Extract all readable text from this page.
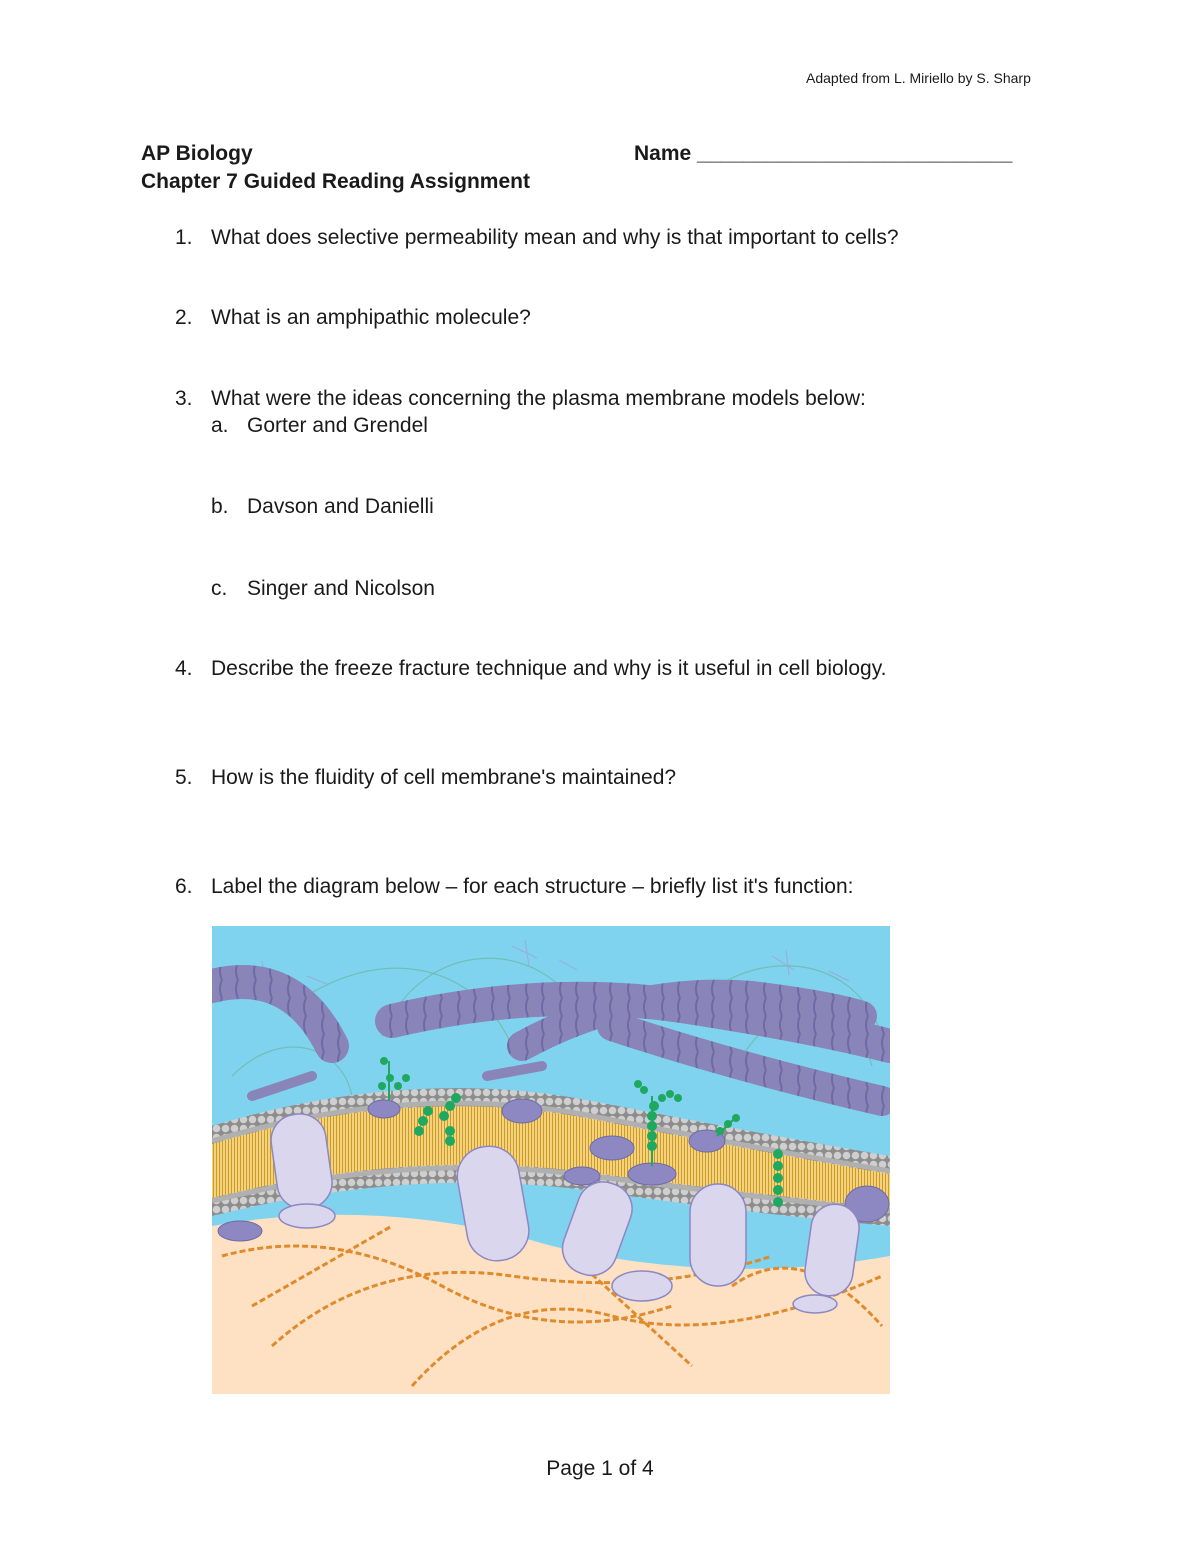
Adapted from L. Miriello by S. Sharp
AP Biology	Name ___________________________
Chapter 7 Guided Reading Assignment
1. What does selective permeability mean and why is that important to cells?
2. What is an amphipathic molecule?
3. What were the ideas concerning the plasma membrane models below:
a. Gorter and Grendel
b. Davson and Danielli
c. Singer and Nicolson
4. Describe the freeze fracture technique and why is it useful in cell biology.
5. How is the fluidity of cell membrane's maintained?
6. Label the diagram below – for each structure – briefly list it's function:
Page 1 of 4
